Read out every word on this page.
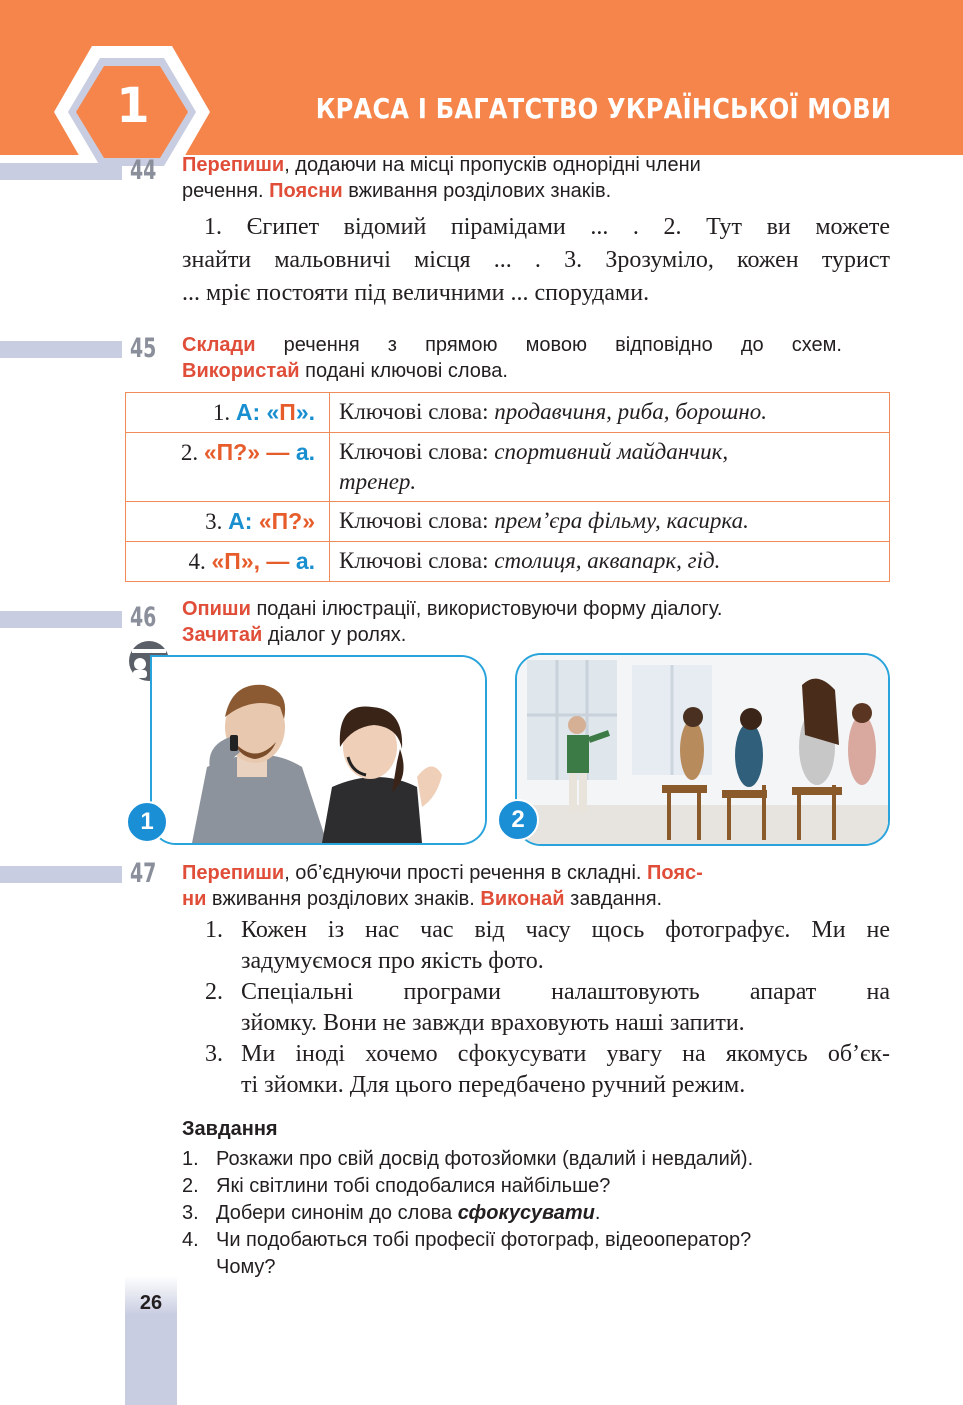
1	КРАСА І БАГАТСТВО УКРАЇНСЬКОЇ МОВИ
44 Перепиши, додаючи на місці пропусків однорідні члени
речення. Поясни вживання розділових знаків.
1. Єгипет відомий пірамідами ... . 2. Тут ви можете
знайти мальовничі місця ... . 3. Зрозуміло, кожен турист
... мріє постояти під величними ... спорудами.
45 Склади речення з прямою мовою відповідно до схем.
Використай подані ключові слова.
1. А: «П».	Ключові слова: продавчиня, риба, борошно.
2. «П?» — а.	Ключові слова: спортивний майданчик,
тренер.
3. А: «П?»	Ключові слова: прем’єра фільму, касирка.
4. «П», — а.	Ключові слова: столиця, аквапарк, гід.
46 Опиши подані ілюстрації, використовуючи форму діалогу.
Зачитай діалог у ролях.
1	2
47 Перепиши, об’єднуючи прості речення в складні. Пояс-
ни вживання розділових знаків. Виконай завдання.
1. Кожен із нас час від часу щось фотографує. Ми не
задумуємося про якість фото.
2. Спеціальні програми налаштовують апарат на
зйомку. Вони не завжди враховують наші запити.
3. Ми іноді хочемо сфокусувати увагу на якомусь об’єк-
ті зйомки. Для цього передбачено ручний режим.
Завдання
1. Розкажи про свій досвід фотозйомки (вдалий і невдалий).
2. Які світлини тобі сподобалися найбільше?
3. Добери синонім до слова сфокусувати.
4. Чи подобаються тобі професії фотограф, відеооператор?
Чому?
26
